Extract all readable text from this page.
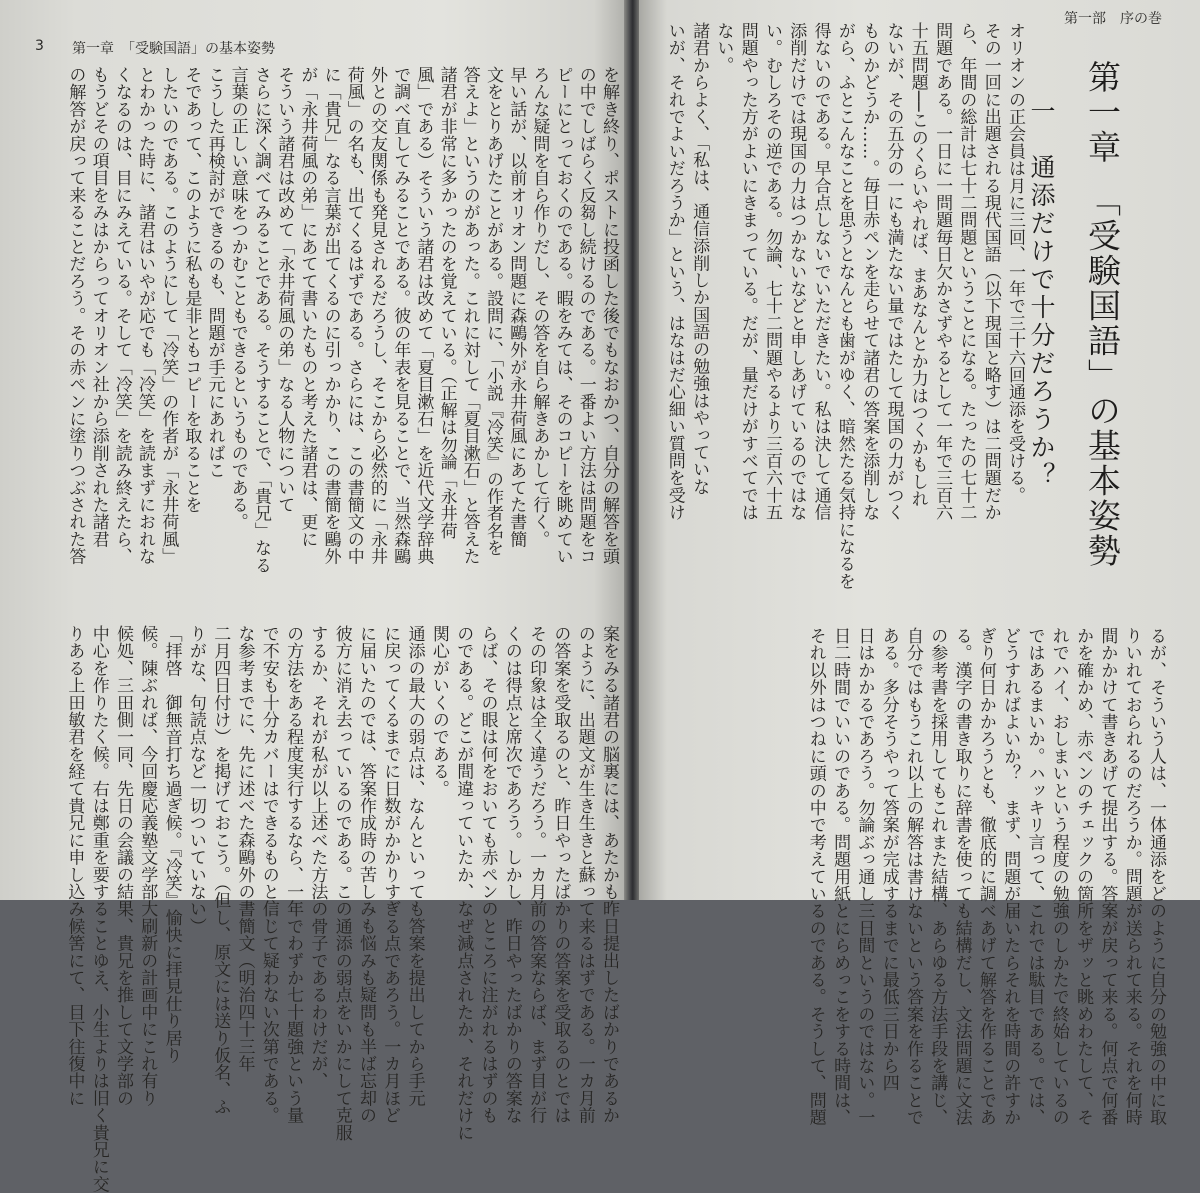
3 第一章　「受験国語」の基本姿勢
を解き終り、ポストに投函した後でもなおかつ、自分の解答を頭
の中でしばらく反芻し続けるのである。一番よい方法は問題をコ
ピーにとっておくのである。暇をみては、そのコピーを眺めてい
ろんな疑問を自ら作りだし、その答を自ら解きあかして行く。
早い話が、以前オリオン問題に森鷗外が永井荷風にあてた書簡
文をとりあげたことがある。設問に、「小説『冷笑』の作者名を
答えよ」というのがあった。これに対して「夏目漱石」と答えた
諸君が非常に多かったのを覚えている。（正解は勿論「永井荷
風」である）そういう諸君は改めて「夏目漱石」を近代文学辞典
で調べ直してみることである。彼の年表を見ることで、当然森鷗
外との交友関係も発見されるだろうし、そこから必然的に「永井
荷風」の名も、出てくるはずである。さらには、この書簡文の中
に「貴兄」なる言葉が出てくるのに引っかかり、この書簡を鷗外
が「永井荷風の弟」にあてて書いたものと考えた諸君は、更に
そういう諸君は改めて「永井荷風の弟」なる人物について
さらに深く調べてみることである。そうすることで、「貴兄」なる
言葉の正しい意味をつかむこともできるというものである。
こうした再検討ができるのも、問題が手元にあればこ
そであって、このように私も是非ともコピーを取ることを
したいのである。このようにして「冷笑」の作者が「永井荷風」
とわかった時に、諸君はいやが応でも「冷笑」を読まずにおれな
くなるのは、目にみえている。そして「冷笑」を読み終えたら、
もうどその項目をみはからってオリオン社から添削された諸君
の解答が戻って来ることだろう。その赤ペンに塗りつぶされた答
案をみる諸君の脳裏には、あたかも昨日提出したばかりであるか
のように、出題文が生き生きと蘇って来るはずである。一カ月前
の答案を受取るのと、昨日やったばかりの答案を受取るのとでは
その印象は全く違うだろう。一カ月前の答案ならば、まず目が行
くのは得点と席次であろう。しかし、昨日やったばかりの答案な
らば、その眼は何をおいても赤ペンのところに注がれるはずのも
のである。どこが間違っていたか、なぜ減点されたか、それだけに
関心がいくのである。
通添の最大の弱点は、なんといっても答案を提出してから手元
に戻ってくるまでに日数がかかりすぎる点であろう。一カ月ほど
に届いたのでは、答案作成時の苦しみも悩みも疑問も半ば忘却の
彼方に消え去っているのである。この通添の弱点をいかにして克服
するか、それが私が以上述べた方法の骨子であるわけだが、
の方法をある程度実行するなら、一年でわずか七十題強という量
で不安も十分カバーはできるものと信じて疑わない次第である。
な参考までに、先に述べた森鷗外の書簡文（明治四十三年
二月四日付け）を掲げておこう。（但し、原文には送り仮名、ふ
りがな、句読点など一切ついていない）
「拝啓　御無音打ち過ぎ候。『冷笑』愉快に拝見仕り居り
候。陳ぶれば、今回慶応義塾文学部大刷新の計画中にこれ有り
候処、三田側一同、先日の会議の結果、貴兄を推して文学部の
中心を作りたく候。右は鄭重を要することゆえ、小生よりは旧く貴兄に交
りある上田敏君を経て貴兄に申し込み候筈にて、目下往復中に
第一部　序の巻
第一章　「受験国語」の基本姿勢
一　通添だけで十分だろうか？
オリオンの正会員は月に三回、一年で三十六回通添を受ける。
その一回に出題される現代国語（以下現国と略す）は二問題だか
ら、年間の総計は七十二問題ということになる。たったの七十二
問題である。一日に一問題毎日欠かさずやるとして一年で三百六
十五問題──このくらいやれば、まあなんとか力はつくかもしれ
ないが、その五分の一にも満たない量ではたして現国の力がつく
ものかどうか……。毎日赤ペンを走らせて諸君の答案を添削しな
がら、ふとこんなことを思うとなんとも歯がゆく、暗然たる気持になるを
得ないのである。早合点しないでいただきたい。私は決して通信
添削だけでは現国の力はつかないなどと申しあげているのではな
い。むしろその逆である。勿論、七十二問題やるより三百六十五
問題やった方がよいにきまっている。だが、量だけがすべてでは
ない。
諸君からよく、「私は、通信添削しか国語の勉強はやっていな
いが、それでよいだろうか」という、はなはだ心細い質問を受け
るが、そういう人は、一体通添をどのように自分の勉強の中に取
りいれておられるのだろうか。問題が送られて来る。それを何時
間かかけて書きあげて提出する。答案が戻って来る。何点で何番
かを確かめ、赤ペンのチェックの箇所をザッと眺めわたして、そ
れでハイ、おしまいという程度の勉強のしかたで終始しているの
ではあるまいか。ハッキリ言って、これでは駄目である。では、
どうすればよいか？　まず、問題が届いたらそれを時間の許すか
ぎり何日かかろうとも、徹底的に調べあげて解答を作ることであ
る。漢字の書き取りに辞書を使っても結構だし、文法問題に文法
の参考書を採用してもこれまた結構、あらゆる方法手段を講じ、
自分ではもうこれ以上の解答は書けないという答案を作ることで
ある。多分そうやって答案が完成するまでに最低三日から四
日はかかるであろう。勿論ぶっ通し三日間というのではない。一
日二時間でいいのである。問題用紙とにらめっこをする時間は、
それ以外はつねに頭の中で考えているのである。そうして、問題
